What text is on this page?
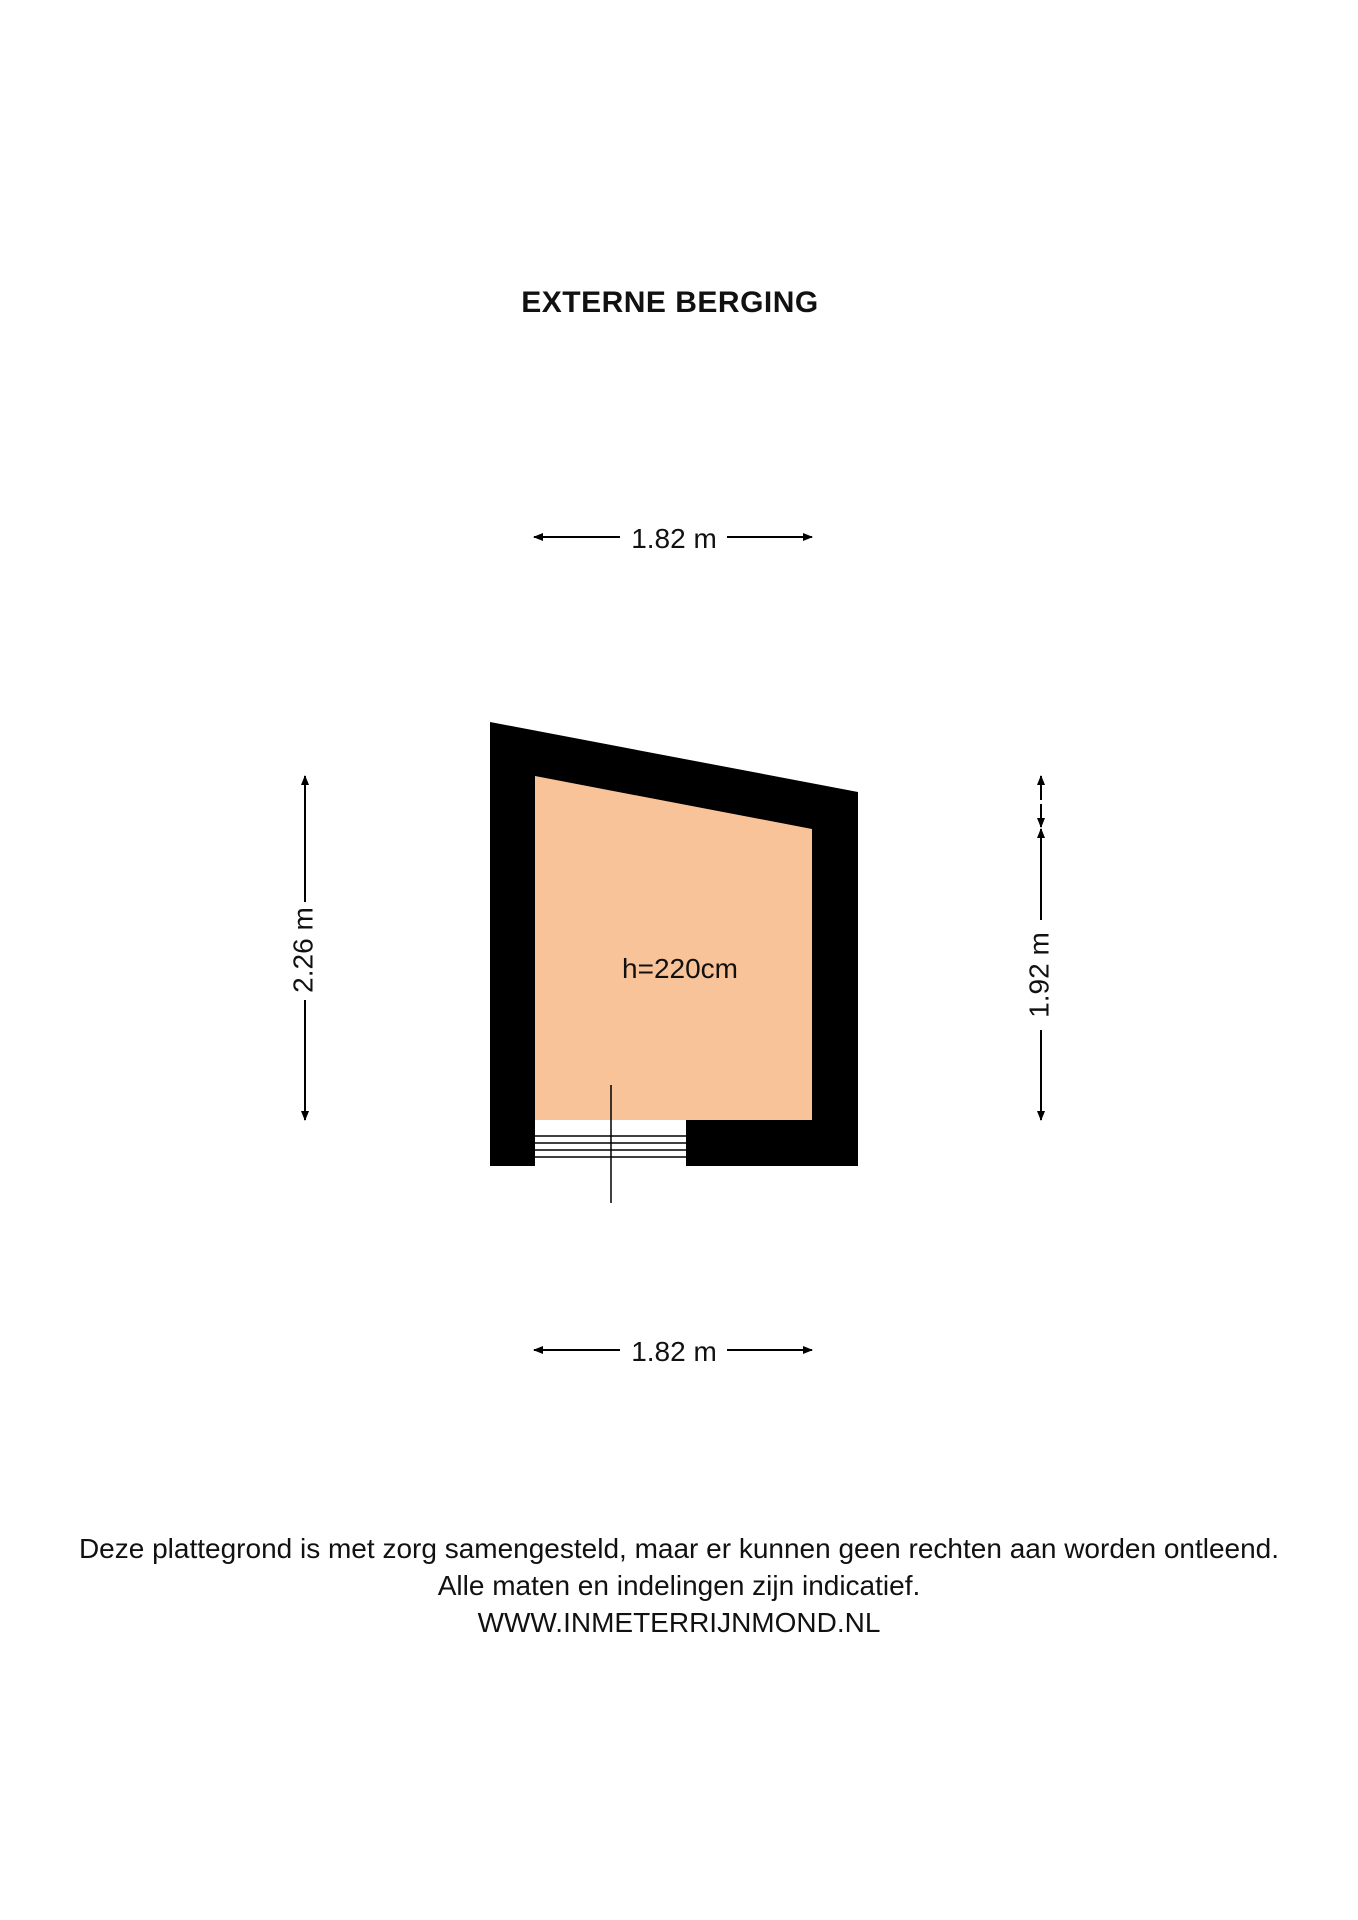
EXTERNE BERGING
h=220cm
1.82 m
1.82 m
2.26 m	1.92 m
Deze plattegrond is met zorg samengesteld, maar er kunnen geen rechten aan worden ontleend.
Alle maten en indelingen zijn indicatief.
WWW.INMETERRIJNMOND.NL
